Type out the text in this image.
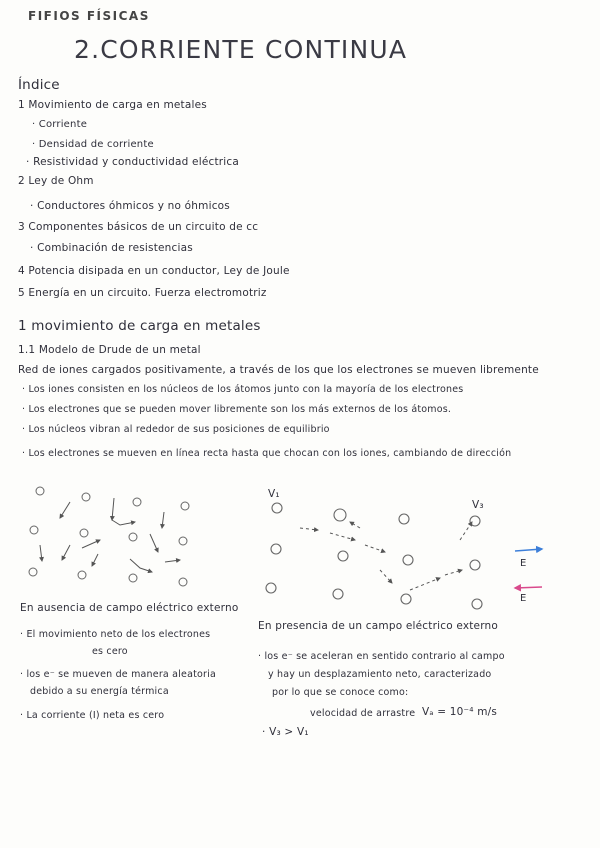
FIFIOS FÍSICAS
2.CORRIENTE CONTINUA
Índice
1 Movimiento de carga en metales
· Corriente
· Densidad de corriente
· Resistividad y conductividad eléctrica
2 Ley de Ohm
· Conductores óhmicos y no óhmicos
3 Componentes básicos de un circuito de cc
· Combinación de resistencias
4 Potencia disipada en un conductor, Ley de Joule
5 Energía en un circuito. Fuerza electromotriz
1 movimiento de carga en metales
1.1 Modelo de Drude de un metal
Red de iones cargados positivamente, a través de los que los electrones se mueven libremente
· Los iones consisten en los núcleos de los átomos junto con la mayoría de los electrones
· Los electrones que se pueden mover libremente son los más externos de los átomos.
· Los núcleos vibran al rededor de sus posiciones de equilibrio
· Los electrones se mueven en línea recta hasta que chocan con los iones, cambiando de dirección
V₁
V₃
E
E
En ausencia de campo eléctrico externo
· El movimiento neto de los electrones
es cero
· los e⁻ se mueven de manera aleatoria
debido a su energía térmica
· La corriente (I) neta es cero
En presencia de un campo eléctrico externo
· los e⁻ se aceleran en sentido contrario al campo
y hay un desplazamiento neto, caracterizado
por lo que se conoce como:
velocidad de arrastre Vₐ = 10⁻⁴ m/s
· V₃ > V₁
